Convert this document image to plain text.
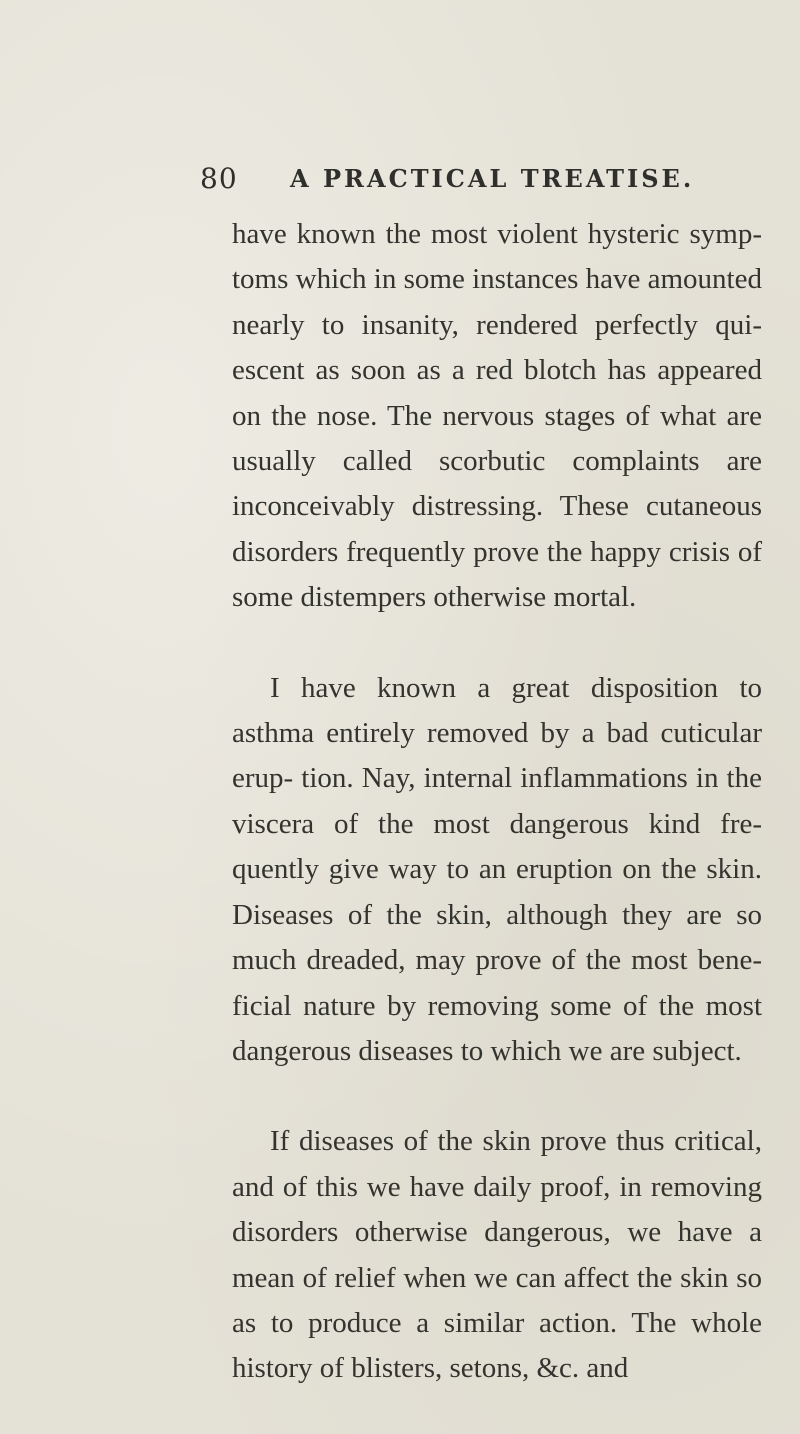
80 A PRACTICAL TREATISE.

have known the most violent hysteric symp- toms which in some instances have amounted nearly to insanity, rendered perfectly qui- escent as soon as a red blotch has appeared on the nose. The nervous stages of what are usually called scorbutic complaints are inconceivably distressing. These cutaneous disorders frequently prove the happy crisis of some distempers otherwise mortal.

I have known a great disposition to asthma entirely removed by a bad cuticular erup- tion. Nay, internal inflammations in the viscera of the most dangerous kind fre- quently give way to an eruption on the skin. Diseases of the skin, although they are so much dreaded, may prove of the most bene- ficial nature by removing some of the most dangerous diseases to which we are subject.

If diseases of the skin prove thus critical, and of this we have daily proof, in removing disorders otherwise dangerous, we have a mean of relief when we can affect the skin so as to produce a similar action. The whole history of blisters, setons, &c. and
